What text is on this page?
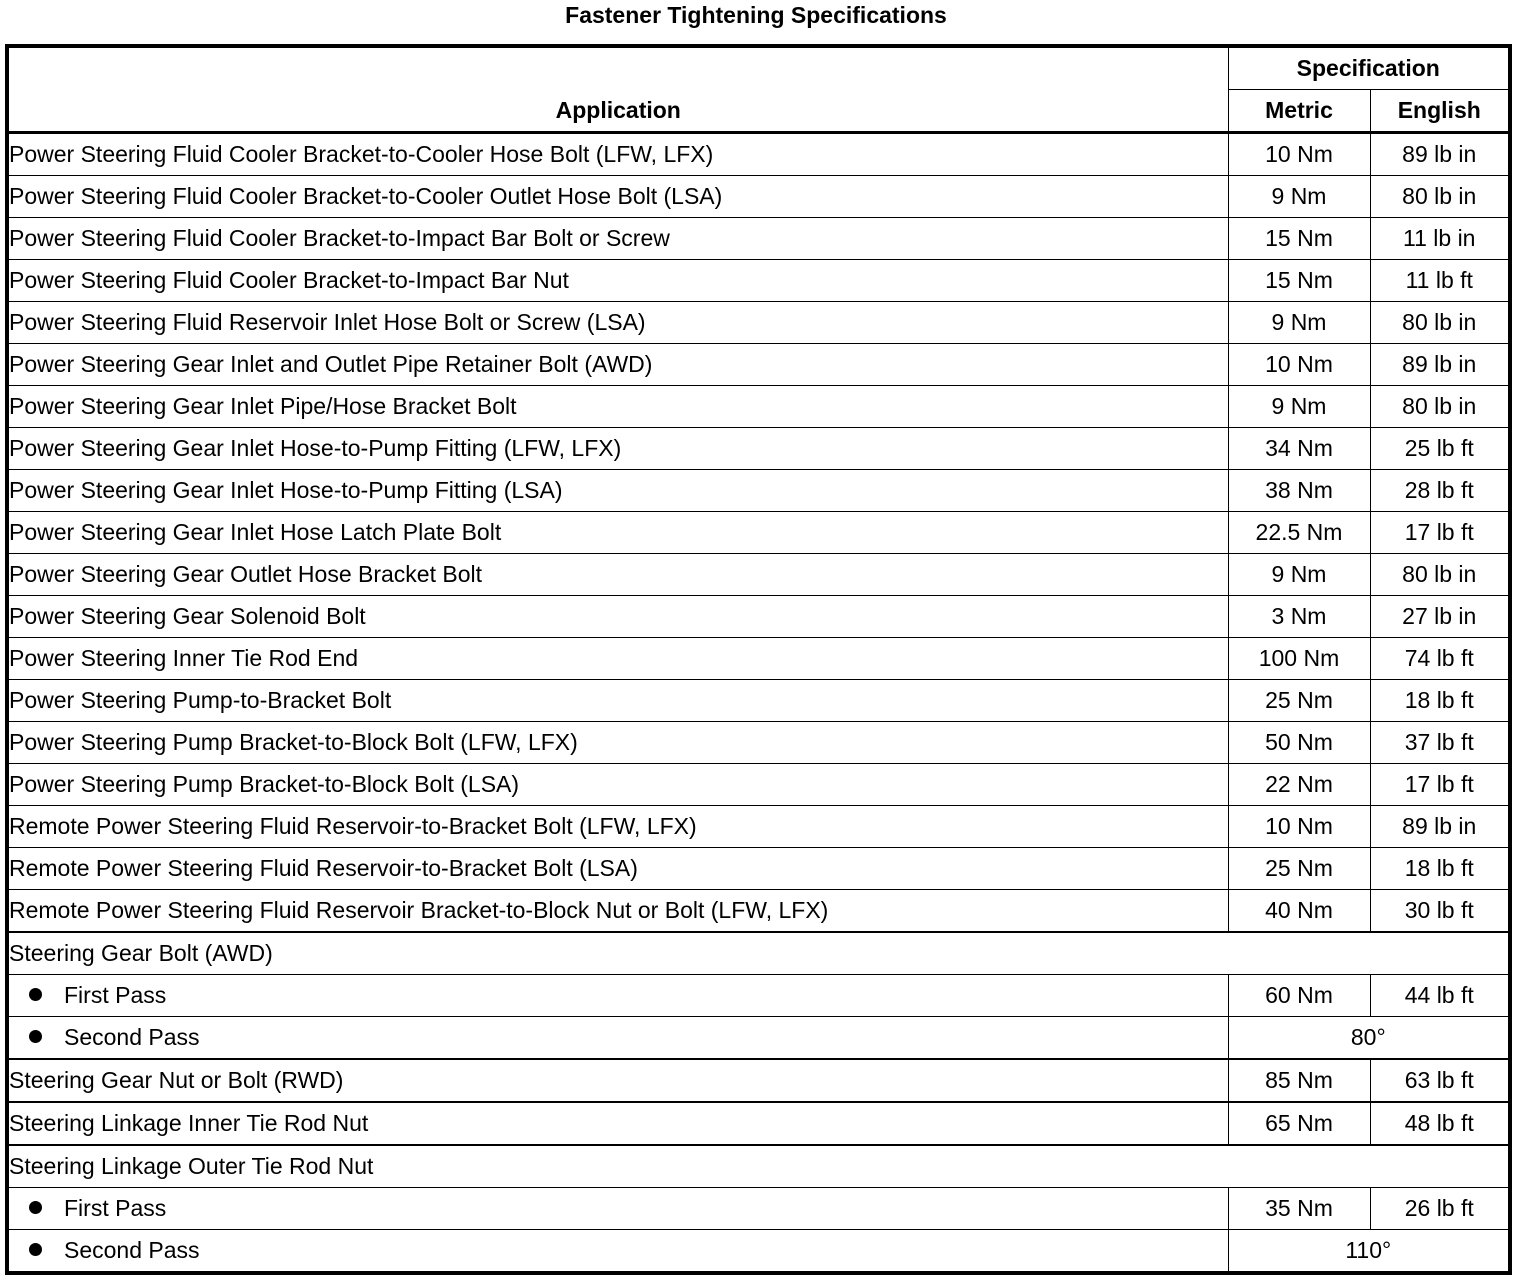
Fastener Tightening Specifications
Application	Specification	
	Metric	English
Power Steering Fluid Cooler Bracket-to-Cooler Hose Bolt (LFW, LFX)	10 Nm	89 lb in
Power Steering Fluid Cooler Bracket-to-Cooler Outlet Hose Bolt (LSA)	9 Nm	80 lb in
Power Steering Fluid Cooler Bracket-to-Impact Bar Bolt or Screw	15 Nm	11 lb in
Power Steering Fluid Cooler Bracket-to-Impact Bar Nut	15 Nm	11 lb ft
Power Steering Fluid Reservoir Inlet Hose Bolt or Screw (LSA)	9 Nm	80 lb in
Power Steering Gear Inlet and Outlet Pipe Retainer Bolt (AWD)	10 Nm	89 lb in
Power Steering Gear Inlet Pipe/Hose Bracket Bolt	9 Nm	80 lb in
Power Steering Gear Inlet Hose-to-Pump Fitting (LFW, LFX)	34 Nm	25 lb ft
Power Steering Gear Inlet Hose-to-Pump Fitting (LSA)	38 Nm	28 lb ft
Power Steering Gear Inlet Hose Latch Plate Bolt	22.5 Nm	17 lb ft
Power Steering Gear Outlet Hose Bracket Bolt	9 Nm	80 lb in
Power Steering Gear Solenoid Bolt	3 Nm	27 lb in
Power Steering Inner Tie Rod End	100 Nm	74 lb ft
Power Steering Pump-to-Bracket Bolt	25 Nm	18 lb ft
Power Steering Pump Bracket-to-Block Bolt (LFW, LFX)	50 Nm	37 lb ft
Power Steering Pump Bracket-to-Block Bolt (LSA)	22 Nm	17 lb ft
Remote Power Steering Fluid Reservoir-to-Bracket Bolt (LFW, LFX)	10 Nm	89 lb in
Remote Power Steering Fluid Reservoir-to-Bracket Bolt (LSA)	25 Nm	18 lb ft
Remote Power Steering Fluid Reservoir Bracket-to-Block Nut or Bolt (LFW, LFX)	40 Nm	30 lb ft
Steering Gear Bolt (AWD)		
First Pass	60 Nm	44 lb ft
Second Pass	80°	
Steering Gear Nut or Bolt (RWD)	85 Nm	63 lb ft
Steering Linkage Inner Tie Rod Nut	65 Nm	48 lb ft
Steering Linkage Outer Tie Rod Nut		
First Pass	35 Nm	26 lb ft
Second Pass	110°	
